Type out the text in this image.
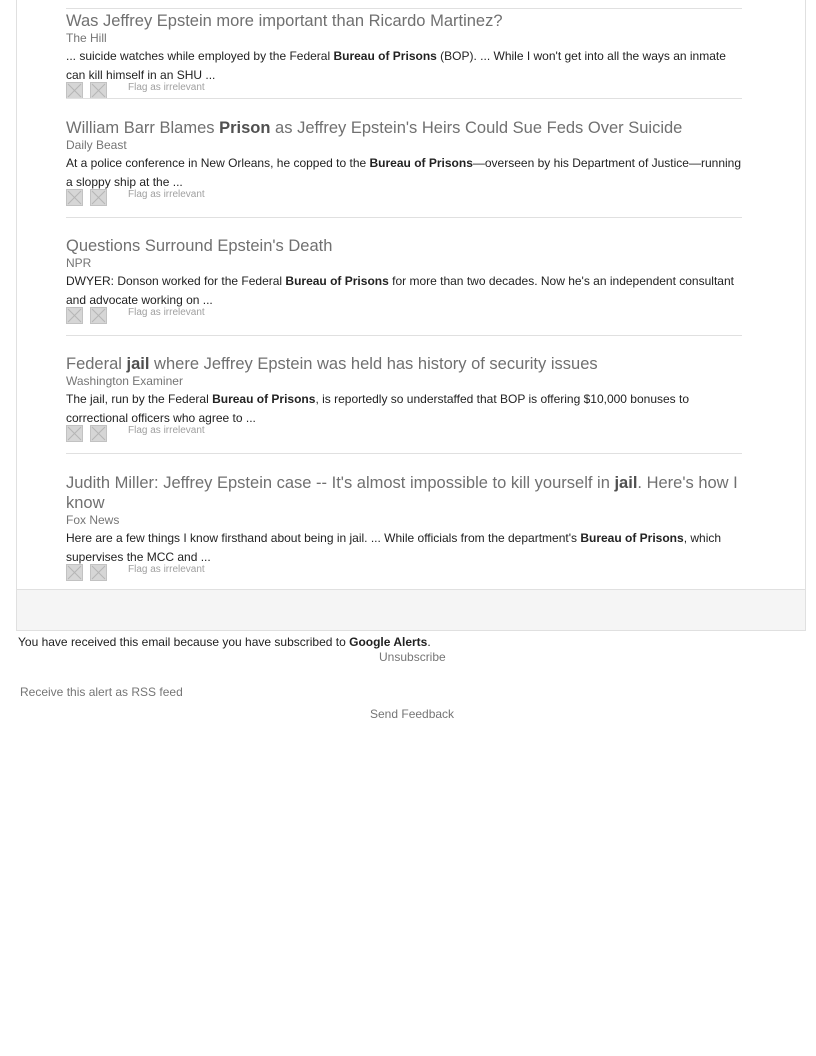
Was Jeffrey Epstein more important than Ricardo Martinez?
The Hill
... suicide watches while employed by the Federal Bureau of Prisons (BOP). ... While I won't get into all the ways an inmate can kill himself in an SHU ...
Flag as irrelevant
William Barr Blames Prison as Jeffrey Epstein's Heirs Could Sue Feds Over Suicide
Daily Beast
At a police conference in New Orleans, he copped to the Bureau of Prisons—overseen by his Department of Justice—running a sloppy ship at the ...
Flag as irrelevant
Questions Surround Epstein's Death
NPR
DWYER: Donson worked for the Federal Bureau of Prisons for more than two decades. Now he's an independent consultant and advocate working on ...
Flag as irrelevant
Federal jail where Jeffrey Epstein was held has history of security issues
Washington Examiner
The jail, run by the Federal Bureau of Prisons, is reportedly so understaffed that BOP is offering $10,000 bonuses to correctional officers who agree to ...
Flag as irrelevant
Judith Miller: Jeffrey Epstein case -- It's almost impossible to kill yourself in jail. Here's how I know
Fox News
Here are a few things I know firsthand about being in jail. ... While officials from the department's Bureau of Prisons, which supervises the MCC and ...
Flag as irrelevant
You have received this email because you have subscribed to Google Alerts.
Unsubscribe
Receive this alert as RSS feed
Send Feedback
